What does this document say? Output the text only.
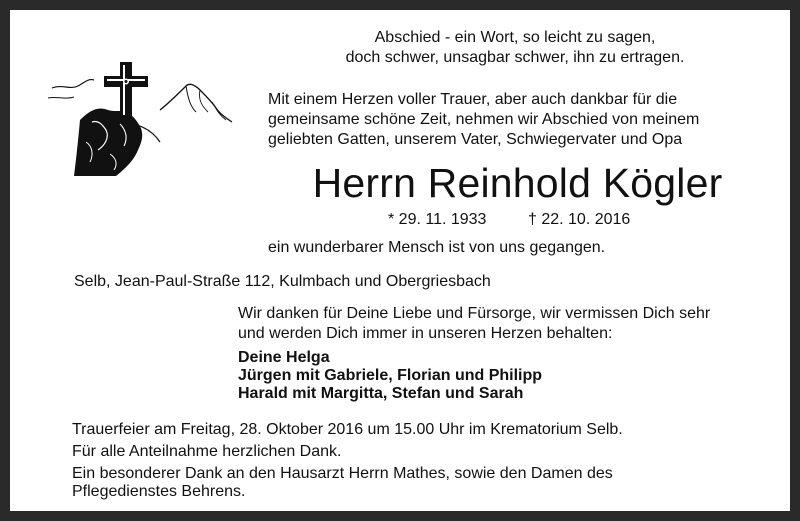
Abschied - ein Wort, so leicht zu sagen,
doch schwer, unsagbar schwer, ihn zu ertragen.
Mit einem Herzen voller Trauer, aber auch dankbar für die
gemeinsame schöne Zeit, nehmen wir Abschied von meinem
geliebten Gatten, unserem Vater, Schwiegervater und Opa
Herrn Reinhold Kögler
* 29. 11. 1933	† 22. 10. 2016
ein wunderbarer Mensch ist von uns gegangen.
Selb, Jean-Paul-Straße 112, Kulmbach und Obergriesbach
Wir danken für Deine Liebe und Fürsorge, wir vermissen Dich sehr
und werden Dich immer in unseren Herzen behalten:
Deine Helga
Jürgen mit Gabriele, Florian und Philipp
Harald mit Margitta, Stefan und Sarah
Trauerfeier am Freitag, 28. Oktober 2016 um 15.00 Uhr im Krematorium Selb.
Für alle Anteilnahme herzlichen Dank.
Ein besonderer Dank an den Hausarzt Herrn Mathes, sowie den Damen des
Pflegedienstes Behrens.
